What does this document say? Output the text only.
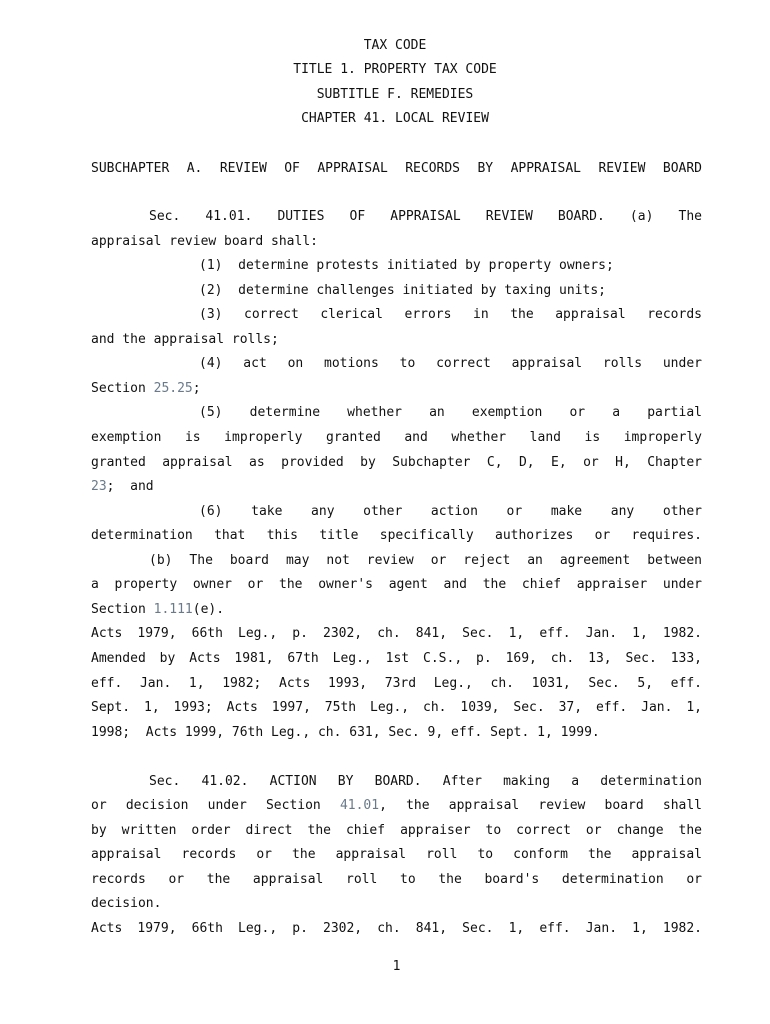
TAX CODE
TITLE 1. PROPERTY TAX CODE
SUBTITLE F. REMEDIES
CHAPTER 41. LOCAL REVIEW
SUBCHAPTER A. REVIEW OF APPRAISAL RECORDS BY APPRAISAL REVIEW BOARD
Sec. 41.01. DUTIES OF APPRAISAL REVIEW BOARD. (a) The
appraisal review board shall:
(1)  determine protests initiated by property owners;
(2)  determine challenges initiated by taxing units;
(3) correct clerical errors in the appraisal records
and the appraisal rolls;
(4) act on motions to correct appraisal rolls under
Section 25.25;
(5) determine whether an exemption or a partial
exemption is improperly granted and whether land is improperly
granted appraisal as provided by Subchapter C, D, E, or H, Chapter
23;  and
(6) take any other action or make any other
determination that this title specifically authorizes or requires.
(b) The board may not review or reject an agreement between
a property owner or the owner's agent and the chief appraiser under
Section 1.111(e).
Acts 1979, 66th Leg., p. 2302, ch. 841, Sec. 1, eff. Jan. 1, 1982.
Amended by Acts 1981, 67th Leg., 1st C.S., p. 169, ch. 13, Sec. 133,
eff. Jan. 1, 1982; Acts 1993, 73rd Leg., ch. 1031, Sec. 5, eff.
Sept. 1, 1993; Acts 1997, 75th Leg., ch. 1039, Sec. 37, eff. Jan. 1,
1998;  Acts 1999, 76th Leg., ch. 631, Sec. 9, eff. Sept. 1, 1999.
Sec. 41.02. ACTION BY BOARD. After making a determination
or decision under Section 41.01, the appraisal review board shall
by written order direct the chief appraiser to correct or change the
appraisal records or the appraisal roll to conform the appraisal
records or the appraisal roll to the board's determination or
decision.
Acts 1979, 66th Leg., p. 2302, ch. 841, Sec. 1, eff. Jan. 1, 1982.
1
